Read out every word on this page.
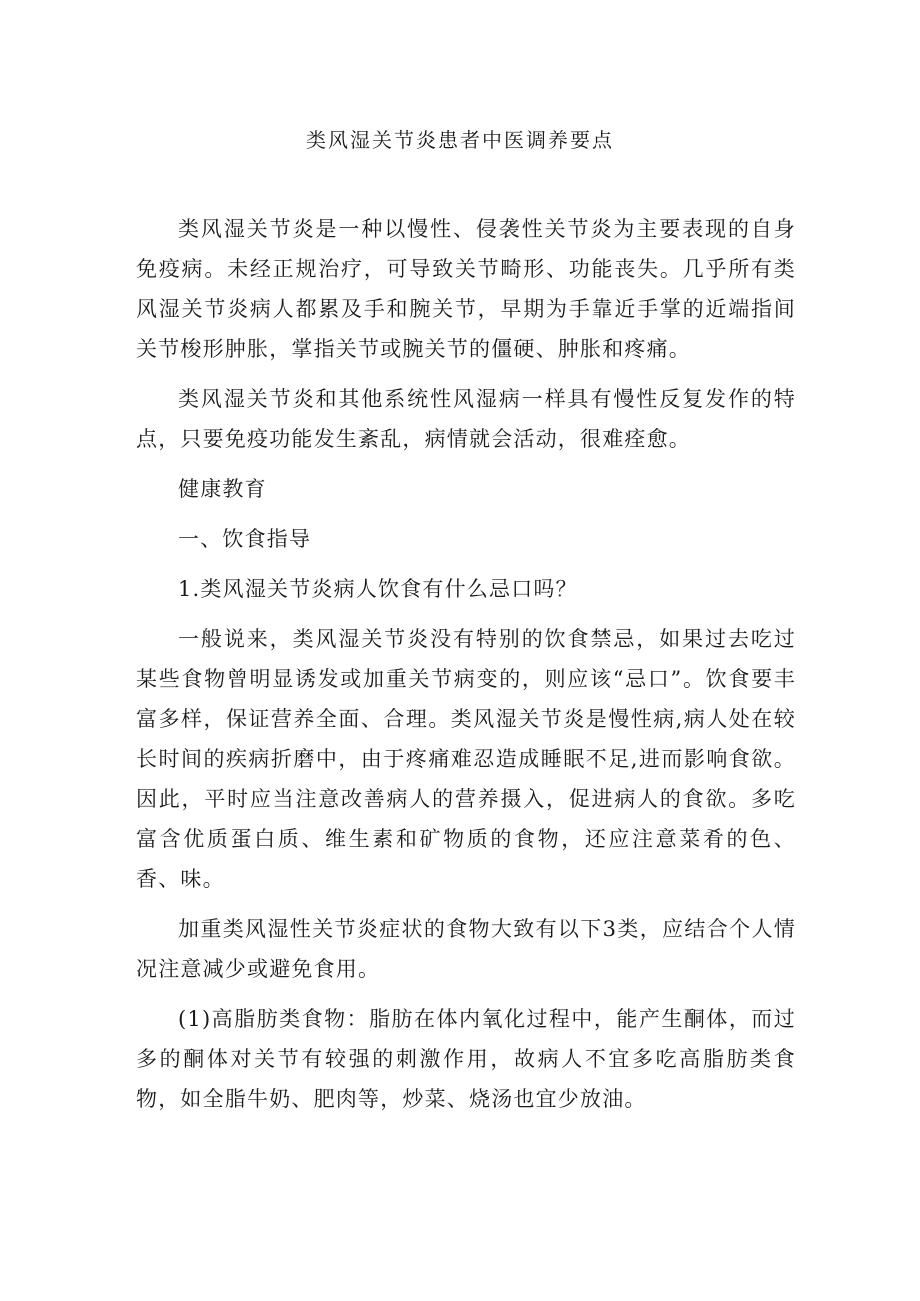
类风湿关节炎患者中医调养要点

类风湿关节炎是一种以慢性、侵袭性关节炎为主要表现的自身免疫病。未经正规治疗，可导致关节畸形、功能丧失。几乎所有类风湿关节炎病人都累及手和腕关节，早期为手靠近手掌的近端指间关节梭形肿胀，掌指关节或腕关节的僵硬、肿胀和疼痛。

类风湿关节炎和其他系统性风湿病一样具有慢性反复发作的特点，只要免疫功能发生紊乱，病情就会活动，很难痊愈。

健康教育

一、饮食指导

1.类风湿关节炎病人饮食有什么忌口吗？

一般说来，类风湿关节炎没有特别的饮食禁忌，如果过去吃过某些食物曾明显诱发或加重关节病变的，则应该“忌口”。饮食要丰富多样，保证营养全面、合理。类风湿关节炎是慢性病,病人处在较长时间的疾病折磨中，由于疼痛难忍造成睡眠不足,进而影响食欲。因此，平时应当注意改善病人的营养摄入，促进病人的食欲。多吃富含优质蛋白质、维生素和矿物质的食物，还应注意菜肴的色、香、味。

加重类风湿性关节炎症状的食物大致有以下3类，应结合个人情况注意减少或避免食用。

(1)高脂肪类食物：脂肪在体内氧化过程中，能产生酮体，而过多的酮体对关节有较强的刺激作用，故病人不宜多吃高脂肪类食物，如全脂牛奶、肥肉等，炒菜、烧汤也宜少放油。
